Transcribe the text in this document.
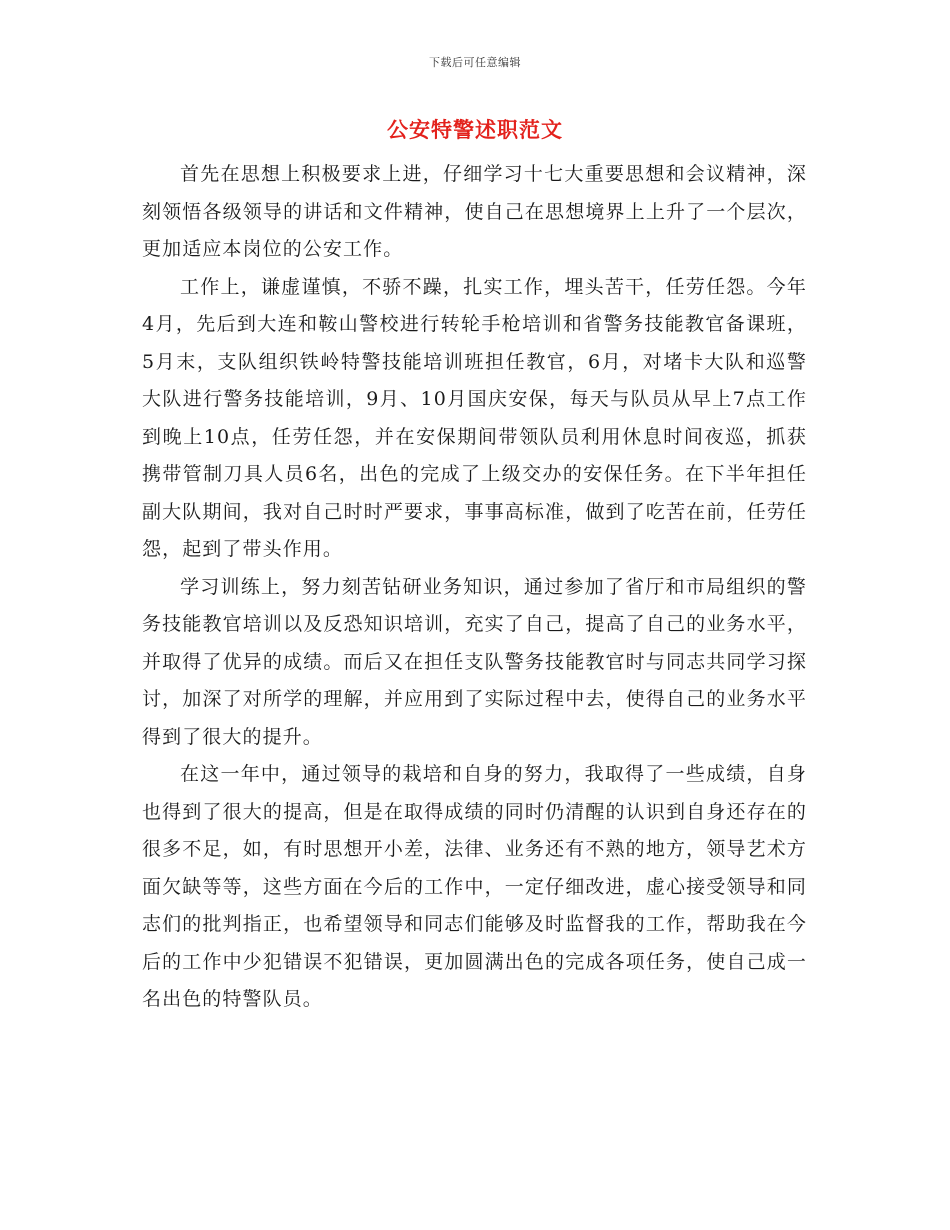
下载后可任意编辑
公安特警述职范文

首先在思想上积极要求上进，仔细学习十七大重要思想和会议精神，深刻领悟各级领导的讲话和文件精神，使自己在思想境界上上升了一个层次，更加适应本岗位的公安工作。

工作上，谦虚谨慎，不骄不躁，扎实工作，埋头苦干，任劳任怨。今年4月，先后到大连和鞍山警校进行转轮手枪培训和省警务技能教官备课班，5月末，支队组织铁岭特警技能培训班担任教官，6月，对堵卡大队和巡警大队进行警务技能培训，9月、10月国庆安保，每天与队员从早上7点工作到晚上10点，任劳任怨，并在安保期间带领队员利用休息时间夜巡，抓获携带管制刀具人员6名，出色的完成了上级交办的安保任务。在下半年担任副大队期间，我对自己时时严要求，事事高标准，做到了吃苦在前，任劳任怨，起到了带头作用。

学习训练上，努力刻苦钻研业务知识，通过参加了省厅和市局组织的警务技能教官培训以及反恐知识培训，充实了自己，提高了自己的业务水平，并取得了优异的成绩。而后又在担任支队警务技能教官时与同志共同学习探讨，加深了对所学的理解，并应用到了实际过程中去，使得自己的业务水平得到了很大的提升。

在这一年中，通过领导的栽培和自身的努力，我取得了一些成绩，自身也得到了很大的提高，但是在取得成绩的同时仍清醒的认识到自身还存在的很多不足，如，有时思想开小差，法律、业务还有不熟的地方，领导艺术方面欠缺等等，这些方面在今后的工作中，一定仔细改进，虚心接受领导和同志们的批判指正，也希望领导和同志们能够及时监督我的工作，帮助我在今后的工作中少犯错误不犯错误，更加圆满出色的完成各项任务，使自己成一名出色的特警队员。
